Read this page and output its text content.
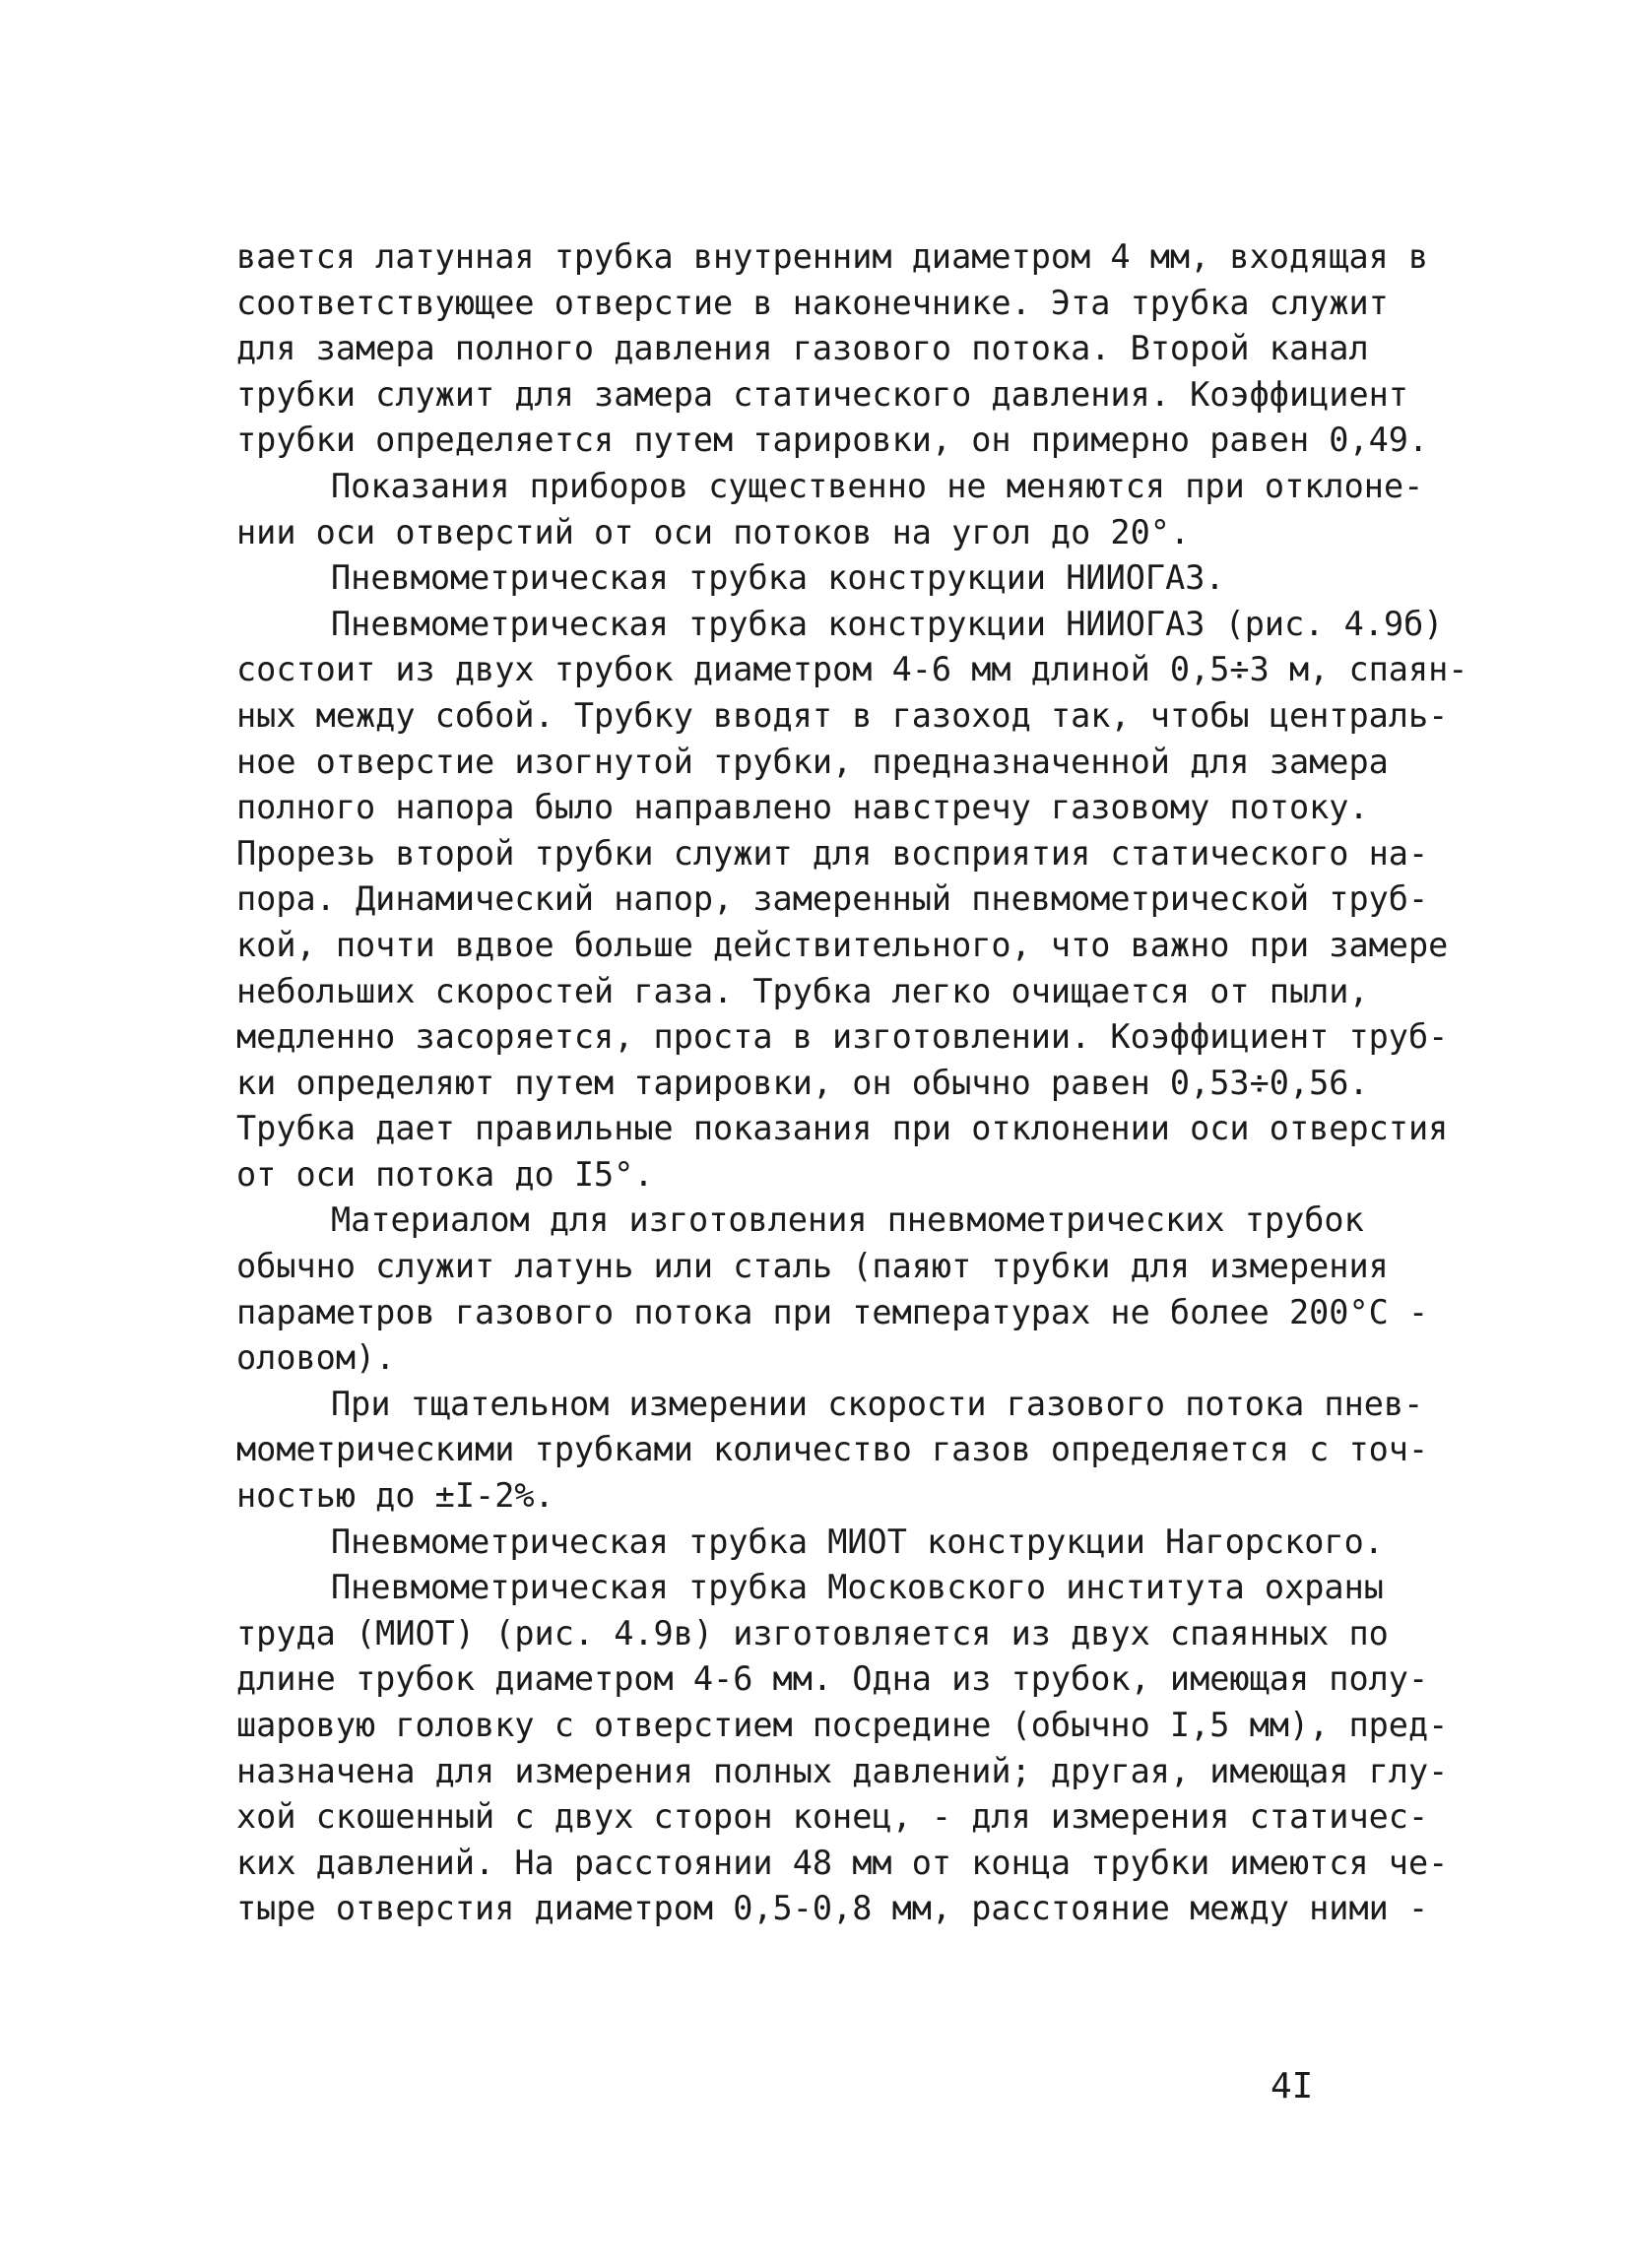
вается латунная трубка внутренним диаметром 4 мм, входящая в
соответствующее отверстие в наконечнике. Эта трубка служит
для замера полного давления газового потока. Второй канал
трубки служит для замера статического давления. Коэффициент
трубки определяется путем тарировки, он примерно равен 0,49.
Показания приборов существенно не меняются при отклоне-
нии оси отверстий от оси потоков на угол до 20°.
Пневмометрическая трубка конструкции НИИОГАЗ.
Пневмометрическая трубка конструкции НИИОГАЗ (рис. 4.9б)
состоит из двух трубок диаметром 4-6 мм длиной 0,5÷3 м, спаян-
ных между собой. Трубку вводят в газоход так, чтобы централь-
ное отверстие изогнутой трубки, предназначенной для замера
полного напора было направлено навстречу газовому потоку.
Прорезь второй трубки служит для восприятия статического на-
пора. Динамический напор, замеренный пневмометрической труб-
кой, почти вдвое больше действительного, что важно при замере
небольших скоростей газа. Трубка легко очищается от пыли,
медленно засоряется, проста в изготовлении. Коэффициент труб-
ки определяют путем тарировки, он обычно равен 0,53÷0,56.
Трубка дает правильные показания при отклонении оси отверстия
от оси потока до I5°.
Материалом для изготовления пневмометрических трубок
обычно служит латунь или сталь (паяют трубки для измерения
параметров газового потока при температурах не более 200°С -
оловом).
При тщательном измерении скорости газового потока пнев-
мометрическими трубками количество газов определяется с точ-
ностью до ±I-2%.
Пневмометрическая трубка МИОТ конструкции Нагорского.
Пневмометрическая трубка Московского института охраны
труда (МИОТ) (рис. 4.9в) изготовляется из двух спаянных по
длине трубок диаметром 4-6 мм. Одна из трубок, имеющая полу-
шаровую головку с отверстием посредине (обычно I,5 мм), пред-
назначена для измерения полных давлений; другая, имеющая глу-
хой скошенный с двух сторон конец, - для измерения статичес-
ких давлений. На расстоянии 48 мм от конца трубки имеются че-
тыре отверстия диаметром 0,5-0,8 мм, расстояние между ними -
4I
